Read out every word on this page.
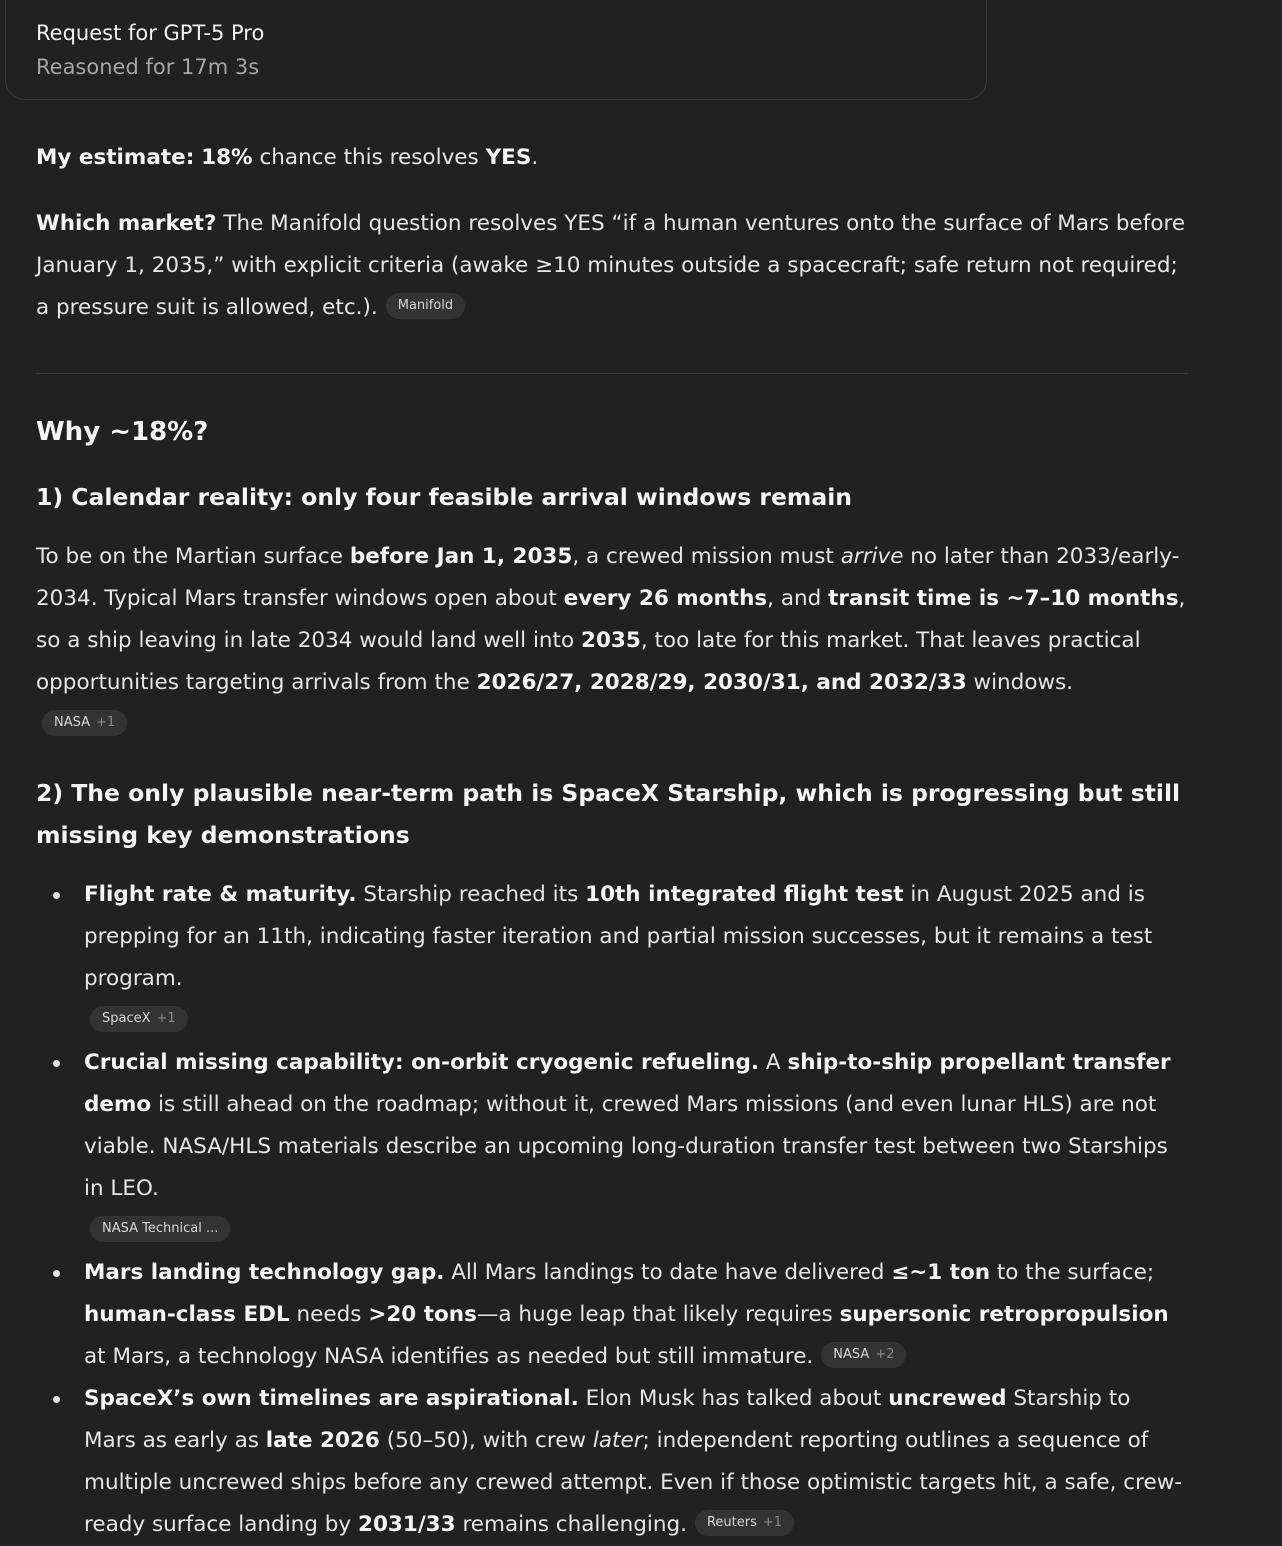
Request for GPT-5 Pro
Reasoned for 17m 3s

My estimate: 18% chance this resolves YES.

Which market? The Manifold question resolves YES “if a human ventures onto the surface of Mars before January 1, 2035,” with explicit criteria (awake ≥10 minutes outside a spacecraft; safe return not required; a pressure suit is allowed, etc.). Manifold

Why ~18%?
1) Calendar reality: only four feasible arrival windows remain

To be on the Martian surface before Jan 1, 2035, a crewed mission must arrive no later than 2033/early-2034. Typical Mars transfer windows open about every 26 months, and transit time is ~7–10 months, so a ship leaving in late 2034 would land well into 2035, too late for this market. That leaves practical opportunities targeting arrivals from the 2026/27, 2028/29, 2030/31, and 2032/33 windows.

NASA +1
2) The only plausible near-term path is SpaceX Starship, which is progressing but still missing key demonstrations
Flight rate & maturity. Starship reached its 10th integrated flight test in August 2025 and is prepping for an 11th, indicating faster iteration and partial mission successes, but it remains a test program.
SpaceX +1
Crucial missing capability: on-orbit cryogenic refueling. A ship-to-ship propellant transfer demo is still ahead on the roadmap; without it, crewed Mars missions (and even lunar HLS) are not viable. NASA/HLS materials describe an upcoming long-duration transfer test between two Starships in LEO.
NASA Technical ...
Mars landing technology gap. All Mars landings to date have delivered ≤~1 ton to the surface; human-class EDL needs >20 tons—a huge leap that likely requires supersonic retropropulsion at Mars, a technology NASA identifies as needed but still immature. NASA +2
SpaceX’s own timelines are aspirational. Elon Musk has talked about uncrewed Starship to Mars as early as late 2026 (50–50), with crew later; independent reporting outlines a sequence of multiple uncrewed ships before any crewed attempt. Even if those optimistic targets hit, a safe, crew-ready surface landing by 2031/33 remains challenging. Reuters +1
